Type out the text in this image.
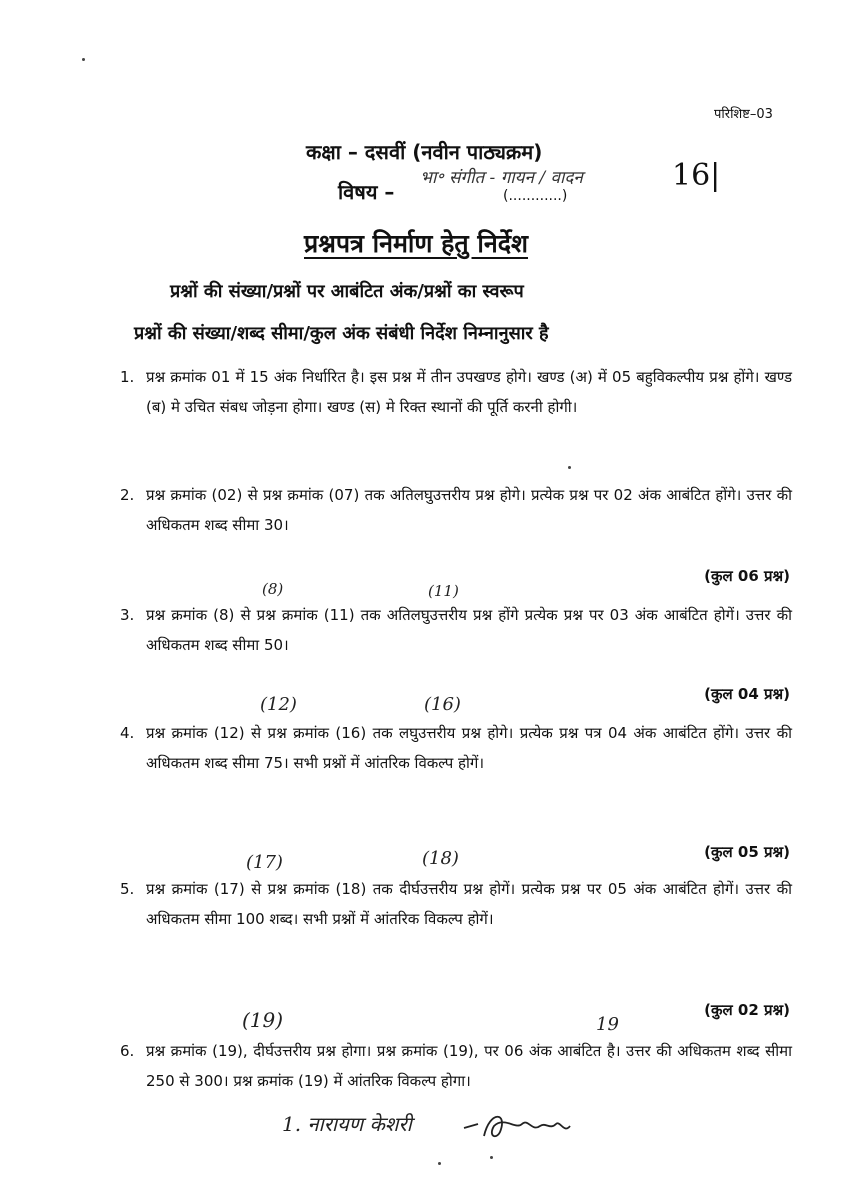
परिशिष्ट–03
कक्षा – दसवीं (नवीन पाठ्यक्रम)
विषय –
भा॰ संगीत - गायन / वादन
(............)
16|
प्रश्नपत्र निर्माण हेतु निर्देश
प्रश्नों की संख्या/प्रश्नों पर आबंटित अंक/प्रश्नों का स्वरूप
प्रश्नों की संख्या/शब्द सीमा/कुल अंक संबंधी निर्देश निम्नानुसार है
1. प्रश्न क्रमांक 01 में 15 अंक निर्धारित है। इस प्रश्न में तीन उपखण्ड होगे। खण्ड (अ) में 05 बहुविकल्पीय प्रश्न होंगे। खण्ड (ब) मे उचित संबध जोड़ना होगा। खण्ड (स) मे रिक्त स्थानों की पूर्ति करनी होगी।
2. प्रश्न क्रमांक (02) से प्रश्न क्रमांक (07) तक अतिलघुउत्तरीय प्रश्न होगे। प्रत्येक प्रश्न पर 02 अंक आबंटित होंगे। उत्तर की अधिकतम शब्द सीमा 30।
(कुल 06 प्रश्न)
3. प्रश्न क्रमांक (8) से प्रश्न क्रमांक (11) तक अतिलघुउत्तरीय प्रश्न होंगे प्रत्येक प्रश्न पर 03 अंक आबंटित होगें। उत्तर की अधिकतम शब्द सीमा 50।
(कुल 04 प्रश्न)
4. प्रश्न क्रमांक (12) से प्रश्न क्रमांक (16) तक लघुउत्तरीय प्रश्न होगे। प्रत्येक प्रश्न पत्र 04 अंक आबंटित होंगे। उत्तर की अधिकतम शब्द सीमा 75। सभी प्रश्नों में आंतरिक विकल्प होगें।
(कुल 05 प्रश्न)
5. प्रश्न क्रमांक (17) से प्रश्न क्रमांक (18) तक दीर्घउत्तरीय प्रश्न होगें। प्रत्येक प्रश्न पर 05 अंक आबंटित होगें। उत्तर की अधिकतम सीमा 100 शब्द। सभी प्रश्नों में आंतरिक विकल्प होगें।
(कुल 02 प्रश्न)
6. प्रश्न क्रमांक (19), दीर्घउत्तरीय प्रश्न होगा। प्रश्न क्रमांक (19), पर 06 अंक आबंटित है। उत्तर की अधिकतम शब्द सीमा 250 से 300। प्रश्न क्रमांक (19) में आंतरिक विकल्प होगा।
(8)	(11)
(12)	(16)
(17)	(18)
(19)	19
1. नारायण केशरी
